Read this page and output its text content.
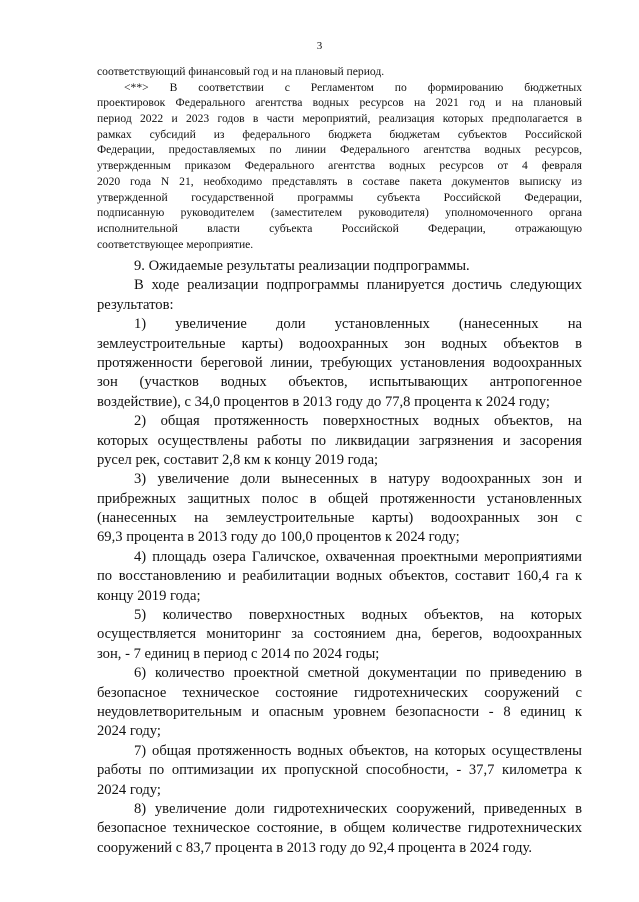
3
соответствующий финансовый год и на плановый период.
<**> В соответствии с Регламентом по формированию бюджетных
проектировок Федерального агентства водных ресурсов на 2021 год и на плановый
период 2022 и 2023 годов в части мероприятий, реализация которых предполагается в
рамках субсидий из федерального бюджета бюджетам субъектов Российской
Федерации, предоставляемых по линии Федерального агентства водных ресурсов,
утвержденным приказом Федерального агентства водных ресурсов от 4 февраля
2020 года N 21, необходимо представлять в составе пакета документов выписку из
утвержденной государственной программы субъекта Российской Федерации,
подписанную руководителем (заместителем руководителя) уполномоченного органа
исполнительной власти субъекта Российской Федерации, отражающую
соответствующее мероприятие.
9. Ожидаемые результаты реализации подпрограммы.
В ходе реализации подпрограммы планируется достичь следующих
результатов:
1) увеличение доли установленных (нанесенных на
землеустроительные карты) водоохранных зон водных объектов в
протяженности береговой линии, требующих установления водоохранных
зон (участков водных объектов, испытывающих антропогенное
воздействие), с 34,0 процентов в 2013 году до 77,8 процента к 2024 году;
2) общая протяженность поверхностных водных объектов, на
которых осуществлены работы по ликвидации загрязнения и засорения
русел рек, составит 2,8 км к концу 2019 года;
3) увеличение доли вынесенных в натуру водоохранных зон и
прибрежных защитных полос в общей протяженности установленных
(нанесенных на землеустроительные карты) водоохранных зон с
69,3 процента в 2013 году до 100,0 процентов к 2024 году;
4) площадь озера Галичское, охваченная проектными мероприятиями
по восстановлению и реабилитации водных объектов, составит 160,4 га к
концу 2019 года;
5) количество поверхностных водных объектов, на которых
осуществляется мониторинг за состоянием дна, берегов, водоохранных
зон, - 7 единиц в период с 2014 по 2024 годы;
6) количество проектной сметной документации по приведению в
безопасное техническое состояние гидротехнических сооружений с
неудовлетворительным и опасным уровнем безопасности - 8 единиц к
2024 году;
7) общая протяженность водных объектов, на которых осуществлены
работы по оптимизации их пропускной способности, - 37,7 километра к
2024 году;
8) увеличение доли гидротехнических сооружений, приведенных в
безопасное техническое состояние, в общем количестве гидротехнических
сооружений с 83,7 процента в 2013 году до 92,4 процента в 2024 году.
